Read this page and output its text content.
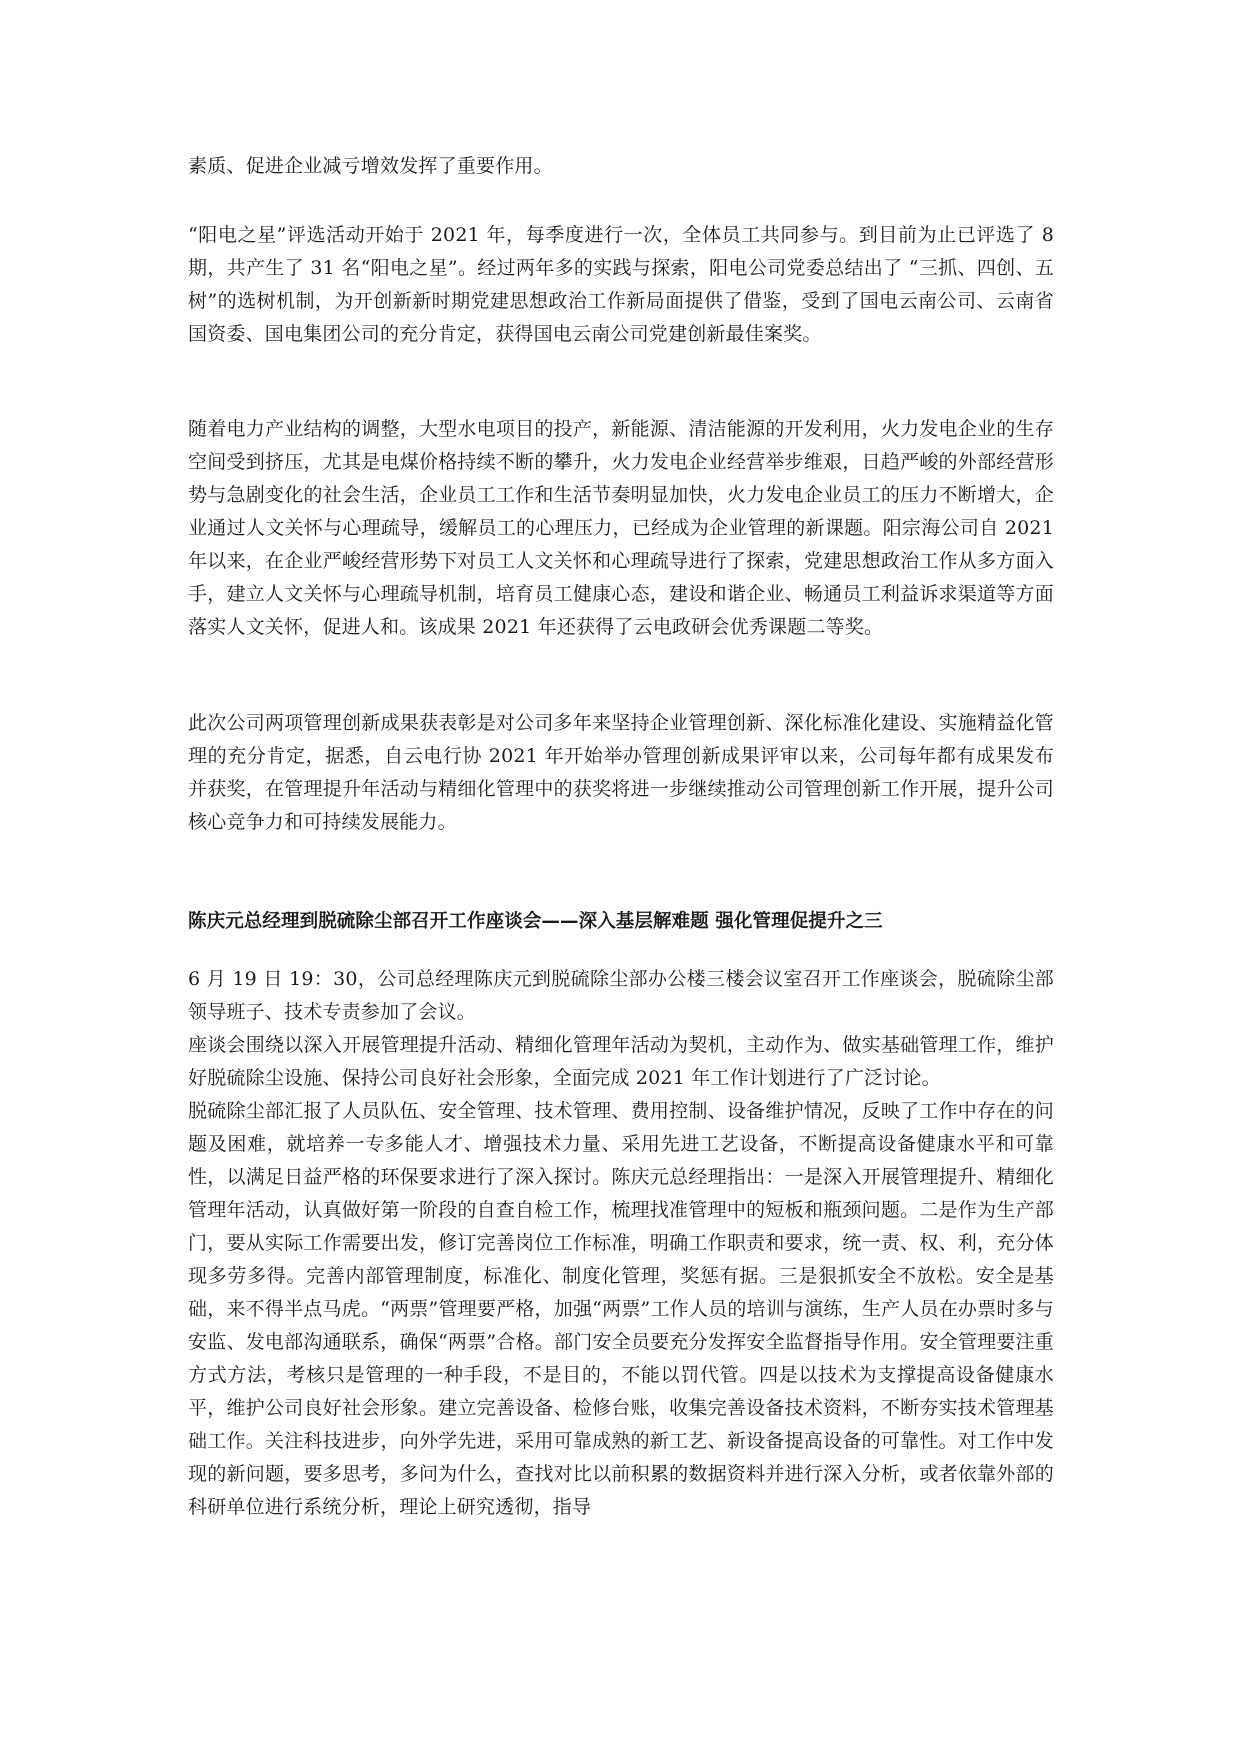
素质、促进企业减亏增效发挥了重要作用。
“阳电之星”评选活动开始于 2021 年，每季度进行一次，全体员工共同参与。到目前为止已评选了 8 期，共产生了 31 名“阳电之星”。经过两年多的实践与探索，阳电公司党委总结出了 “三抓、四创、五树”的选树机制，为开创新新时期党建思想政治工作新局面提供了借鉴，受到了国电云南公司、云南省国资委、国电集团公司的充分肯定，获得国电云南公司党建创新最佳案奖。
随着电力产业结构的调整，大型水电项目的投产，新能源、清洁能源的开发利用，火力发电企业的生存空间受到挤压，尤其是电煤价格持续不断的攀升，火力发电企业经营举步维艰，日趋严峻的外部经营形势与急剧变化的社会生活，企业员工工作和生活节奏明显加快，火力发电企业员工的压力不断增大，企业通过人文关怀与心理疏导，缓解员工的心理压力，已经成为企业管理的新课题。阳宗海公司自 2021 年以来，在企业严峻经营形势下对员工人文关怀和心理疏导进行了探索，党建思想政治工作从多方面入手，建立人文关怀与心理疏导机制，培育员工健康心态，建设和谐企业、畅通员工利益诉求渠道等方面落实人文关怀，促进人和。该成果 2021 年还获得了云电政研会优秀课题二等奖。
此次公司两项管理创新成果获表彰是对公司多年来坚持企业管理创新、深化标准化建设、实施精益化管理的充分肯定，据悉，自云电行协 2021 年开始举办管理创新成果评审以来，公司每年都有成果发布并获奖，在管理提升年活动与精细化管理中的获奖将进一步继续推动公司管理创新工作开展，提升公司核心竞争力和可持续发展能力。
陈庆元总经理到脱硫除尘部召开工作座谈会——深入基层解难题 强化管理促提升之三
6 月 19 日 19：30，公司总经理陈庆元到脱硫除尘部办公楼三楼会议室召开工作座谈会，脱硫除尘部领导班子、技术专责参加了会议。
座谈会围绕以深入开展管理提升活动、精细化管理年活动为契机，主动作为、做实基础管理工作，维护好脱硫除尘设施、保持公司良好社会形象，全面完成 2021 年工作计划进行了广泛讨论。
脱硫除尘部汇报了人员队伍、安全管理、技术管理、费用控制、设备维护情况，反映了工作中存在的问题及困难，就培养一专多能人才、增强技术力量、采用先进工艺设备，不断提高设备健康水平和可靠性，以满足日益严格的环保要求进行了深入探讨。陈庆元总经理指出：一是深入开展管理提升、精细化管理年活动，认真做好第一阶段的自查自检工作，梳理找准管理中的短板和瓶颈问题。二是作为生产部门，要从实际工作需要出发，修订完善岗位工作标准，明确工作职责和要求，统一责、权、利，充分体现多劳多得。完善内部管理制度，标准化、制度化管理，奖惩有据。三是狠抓安全不放松。安全是基础，来不得半点马虎。“两票”管理要严格，加强“两票”工作人员的培训与演练，生产人员在办票时多与安监、发电部沟通联系，确保“两票”合格。部门安全员要充分发挥安全监督指导作用。安全管理要注重方式方法，考核只是管理的一种手段，不是目的，不能以罚代管。四是以技术为支撑提高设备健康水平，维护公司良好社会形象。建立完善设备、检修台账，收集完善设备技术资料，不断夯实技术管理基础工作。关注科技进步，向外学先进，采用可靠成熟的新工艺、新设备提高设备的可靠性。对工作中发现的新问题，要多思考，多问为什么，查找对比以前积累的数据资料并进行深入分析，或者依靠外部的科研单位进行系统分析，理论上研究透彻，指导
